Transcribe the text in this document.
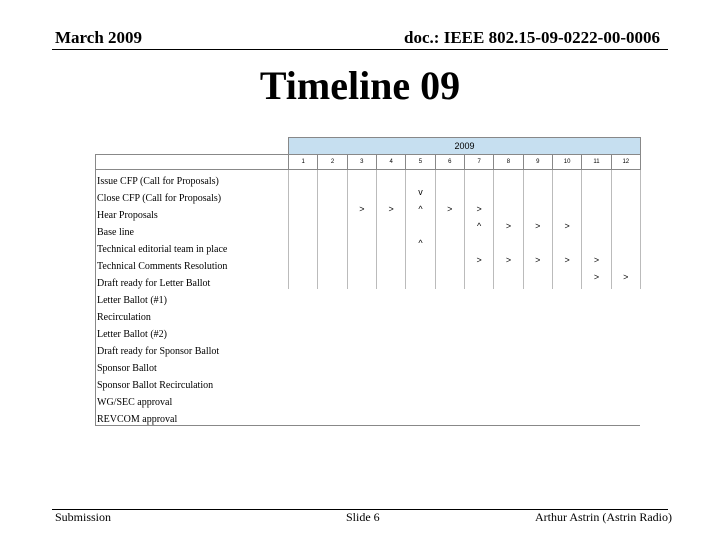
March 2009	doc.: IEEE 802.15-09-0222-00-0006
Timeline 09
	2009											
	1	2	3	4	5	6	7	8	9	10	11	12
Issue CFP (Call for Proposals)												
Close CFP (Call for Proposals)					v							
Hear Proposals			>	>	^	>	>					
Base line							^	>	>	>		
Technical editorial team in place					^							
Technical Comments Resolution							>	>	>	>	>	
Draft ready for Letter Ballot											>	>
Letter Ballot (#1)												
Recirculation												
Letter Ballot (#2)												
Draft ready for Sponsor Ballot												
Sponsor Ballot												
Sponsor Ballot Recirculation												
WG/SEC approval												
REVCOM approval												
Submission	Slide 6	Arthur Astrin (Astrin Radio)
